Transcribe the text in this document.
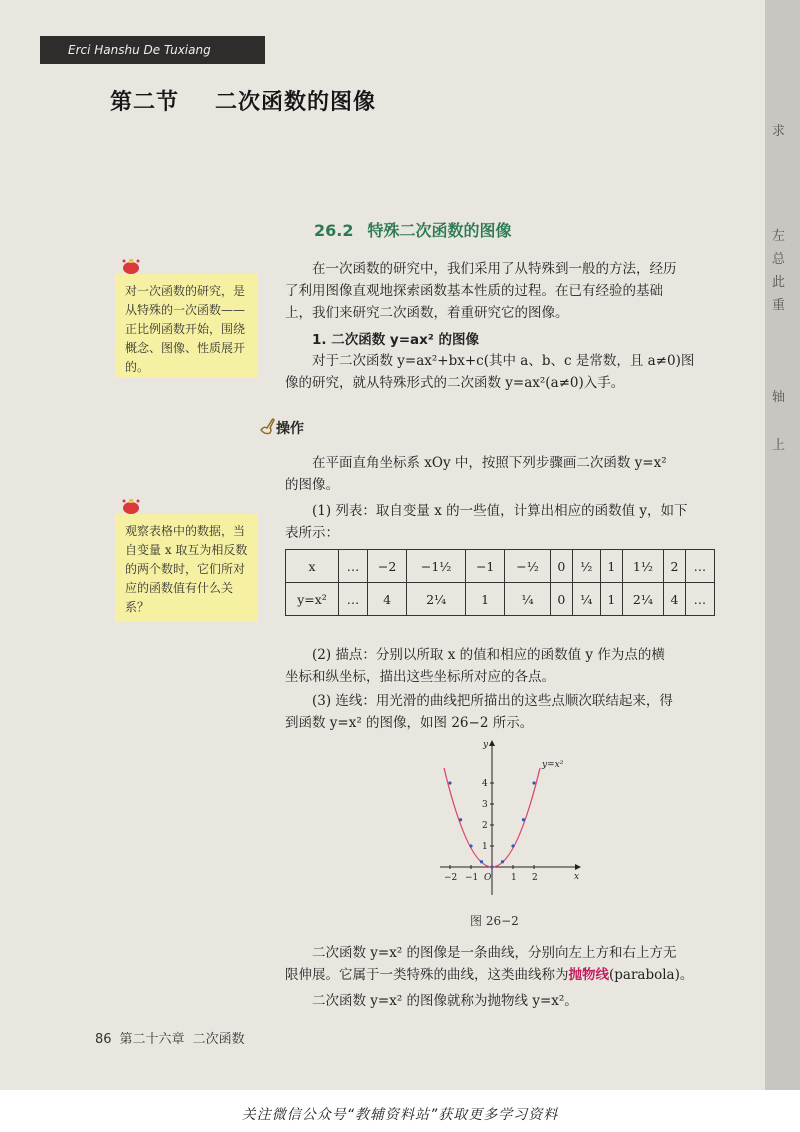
求
左
总
此
重
轴
上
Erci Hanshu De Tuxiang
第二节 二次函数的图像
26.2 特殊二次函数的图像
对一次函数的研究，是从特殊的一次函数——正比例函数开始，围绕概念、图像、性质展开的。
观察表格中的数据，当自变量 x 取互为相反数的两个数时，它们所对应的函数值有什么关系？
在一次函数的研究中，我们采用了从特殊到一般的方法，经历
了利用图像直观地探索函数基本性质的过程。在已有经验的基础
上，我们来研究二次函数，着重研究它的图像。
1. 二次函数 y=ax² 的图像
对于二次函数 y=ax²+bx+c(其中 a、b、c 是常数，且 a≠0)图
像的研究，就从特殊形式的二次函数 y=ax²(a≠0)入手。
操作
在平面直角坐标系 xOy 中，按照下列步骤画二次函数 y=x²
的图像。
(1) 列表：取自变量 x 的一些值，计算出相应的函数值 y，如下
表所示：
x	…	−2	−1½	−1	−½	0	½	1	1½	2	…
y=x²	…	4	2¼	1	¼	0	¼	1	2¼	4	…
(2) 描点：分别以所取 x 的值和相应的函数值 y 作为点的横
坐标和纵坐标，描出这些坐标所对应的各点。
(3) 连线：用光滑的曲线把所描出的这些点顺次联结起来，得
到函数 y=x² 的图像，如图 26−2 所示。
−2 −1	1 2
1
2
3
4
O	x
y
y=x²
图 26−2
二次函数 y=x² 的图像是一条曲线，分别向左上方和右上方无
限伸展。它属于一类特殊的曲线，这类曲线称为抛物线(parabola)。
二次函数 y=x² 的图像就称为抛物线 y=x²。
86 第二十六章 二次函数
关注微信公众号“教辅资料站”获取更多学习资料
